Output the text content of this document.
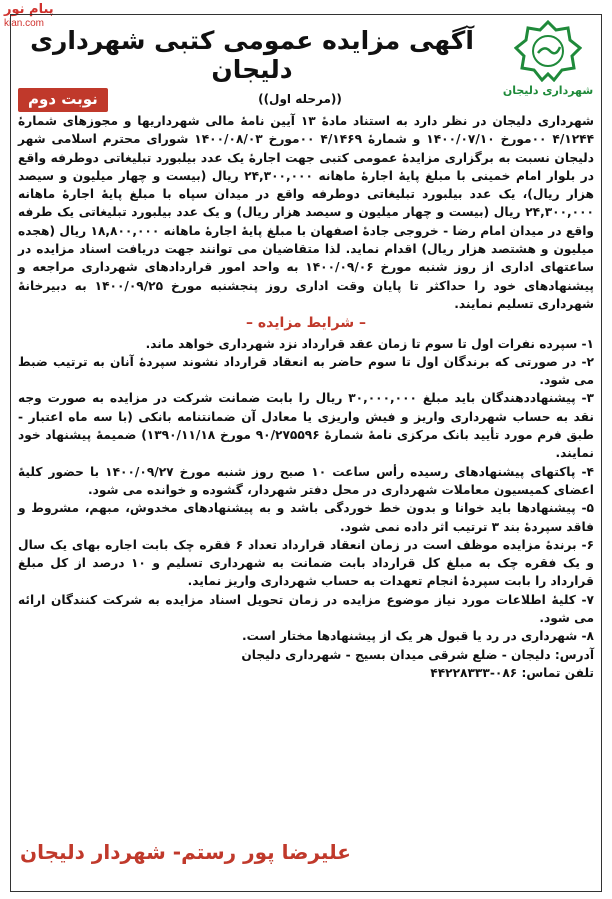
پیام نور
kian.com
شهرداری دلیجان
آگهی مزایده عمومی کتبی شهرداری دلیجان
نوبت دوم	((مرحله اول))

شهرداری دلیجان در نظر دارد به استناد مادهٔ ۱۳ آیین نامهٔ مالی شهرداریها و مجوزهای شمارهٔ ۴/۱۲۴۴ ۰۰مورخ ۱۴۰۰/۰۷/۱۰ و شمارهٔ ۴/۱۴۶۹ ۰۰مورخ ۱۴۰۰/۰۸/۰۳ شورای محترم اسلامی شهر دلیجان نسبت به برگزاری مزایدهٔ عمومی کتبی جهت اجارهٔ یک عدد بیلبورد تبلیغاتی دوطرفه واقع در بلوار امام خمینی با مبلغ پایهٔ اجارهٔ ماهانه ۲۴,۳۰۰,۰۰۰ ریال (بیست و چهار میلیون و سیصد هزار ریال)، یک عدد بیلبورد تبلیغاتی دوطرفه واقع در میدان سپاه با مبلغ پایهٔ اجارهٔ ماهانه ۲۴,۳۰۰,۰۰۰ ریال (بیست و چهار میلیون و سیصد هزار ریال) و یک عدد بیلبورد تبلیغاتی یک طرفه واقع در میدان امام رضا - خروجی جادهٔ اصفهان با مبلغ پایهٔ اجارهٔ ماهانه ۱۸,۸۰۰,۰۰۰ ریال (هجده میلیون و هشتصد هزار ریال) اقدام نماید. لذا متقاضیان می توانند جهت دریافت اسناد مزایده در ساعتهای اداری از روز شنبه مورخ ۱۴۰۰/۰۹/۰۶ به واحد امور قراردادهای شهرداری مراجعه و پیشنهادهای خود را حداکثر تا پایان وقت اداری روز پنجشنبه مورخ ۱۴۰۰/۰۹/۲۵ به دبیرخانهٔ شهرداری تسلیم نمایند.

– شرایط مزایده –

۱- سپرده نفرات اول تا سوم تا زمان عقد قرارداد نزد شهرداری خواهد ماند.

۲- در صورتی که برندگان اول تا سوم حاضر به انعقاد قرارداد نشوند سپردهٔ آنان به ترتیب ضبط می شود.

۳- پیشنهاددهندگان باید مبلغ ۳۰,۰۰۰,۰۰۰ ریال را بابت ضمانت شرکت در مزایده به صورت وجه نقد به حساب شهرداری واریز و فیش واریزی یا معادل آن ضمانتنامه بانکی (با سه ماه اعتبار - طبق فرم مورد تأیید بانک مرکزی نامهٔ شمارهٔ ۹۰/۲۷۵۵۹۶ مورخ ۱۳۹۰/۱۱/۱۸) ضمیمهٔ پیشنهاد خود نمایند.

۴- پاکتهای پیشنهادهای رسیده رأس ساعت ۱۰ صبح روز شنبه مورخ ۱۴۰۰/۰۹/۲۷ با حضور کلیهٔ اعضای کمیسیون معاملات شهرداری در محل دفتر شهردار، گشوده و خوانده می شود.

۵- پیشنهادها باید خوانا و بدون خط خوردگی باشد و به پیشنهادهای مخدوش، مبهم، مشروط و فاقد سپردهٔ بند ۳ ترتیب اثر داده نمی شود.

۶- برندهٔ مزایده موظف است در زمان انعقاد قرارداد تعداد ۶ فقره چک بابت اجاره بهای یک سال و یک فقره چک به مبلغ کل قرارداد بابت ضمانت به شهرداری تسلیم و ۱۰ درصد از کل مبلغ قرارداد را بابت سپردهٔ انجام تعهدات به حساب شهرداری واریز نماید.

۷- کلیهٔ اطلاعات مورد نیاز موضوع مزایده در زمان تحویل اسناد مزایده به شرکت کنندگان ارائه می شود.

۸- شهرداری در رد یا قبول هر یک از پیشنهادها مختار است.

آدرس: دلیجان - ضلع شرقی میدان بسیج - شهرداری دلیجان

تلفن تماس: ۰۸۶-۴۴۲۲۸۳۳۳

علیرضا پور رستم- شهردار دلیجان
